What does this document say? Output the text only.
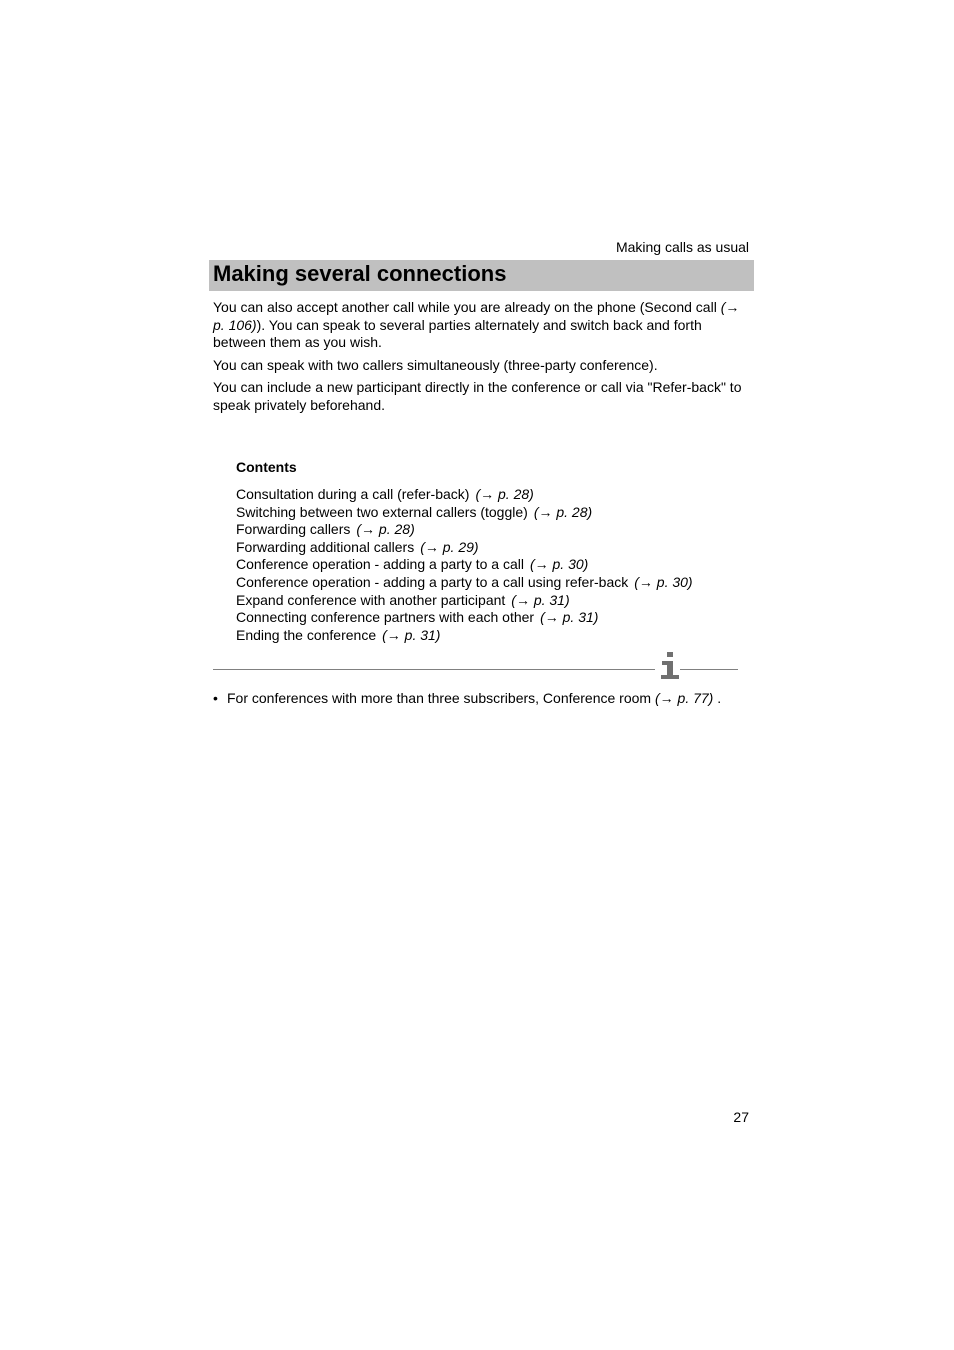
Making calls as usual
Making several connections

You can also accept another call while you are already on the phone (Second call (→ p. 106)). You can speak to several parties alternately and switch back and forth between them as you wish.

You can speak with two callers simultaneously (three-party conference).

You can include a new participant directly in the conference or call via "Refer-back" to speak privately beforehand.

Contents
Consultation during a call (refer-back) (→ p. 28)
Switching between two external callers (toggle) (→ p. 28)
Forwarding callers (→ p. 28)
Forwarding additional callers (→ p. 29)
Conference operation - adding a party to a call (→ p. 30)
Conference operation - adding a party to a call using refer-back (→ p. 30)
Expand conference with another participant (→ p. 31)
Connecting conference partners with each other (→ p. 31)
Ending the conference (→ p. 31)
• For conferences with more than three subscribers, Conference room (→ p. 77) .
27
